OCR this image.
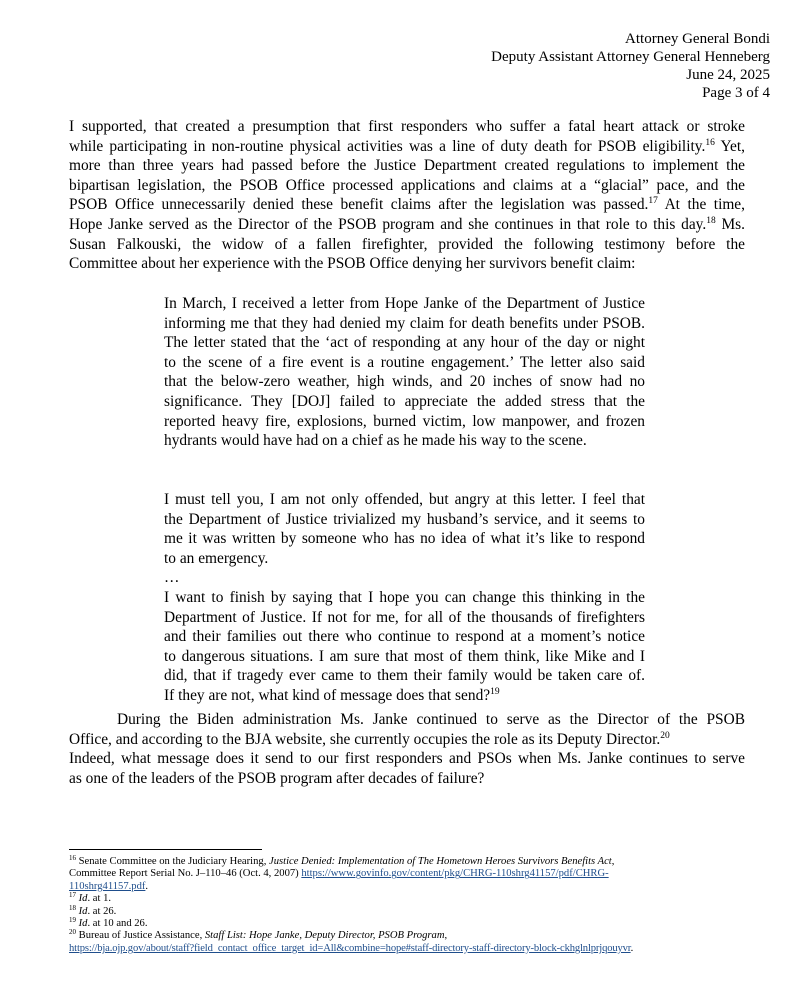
Attorney General Bondi
Deputy Assistant Attorney General Henneberg
June 24, 2025
Page 3 of 4
I supported, that created a presumption that first responders who suffer a fatal heart attack or stroke
while participating in non-routine physical activities was a line of duty death for PSOB eligibility.$^{16}$ Yet,
more than three years had passed before the Justice Department created regulations to implement the
bipartisan legislation, the PSOB Office processed applications and claims at a “glacial” pace, and the
PSOB Office unnecessarily denied these benefit claims after the legislation was passed.$^{17}$ At the time,
Hope Janke served as the Director of the PSOB program and she continues in that role to this day.$^{18}$ Ms.
Susan Falkouski, the widow of a fallen firefighter, provided the following testimony before the
Committee about her experience with the PSOB Office denying her survivors benefit claim:
In March, I received a letter from Hope Janke of the Department of Justice
informing me that they had denied my claim for death benefits under PSOB.
The letter stated that the ‘act of responding at any hour of the day or night
to the scene of a fire event is a routine engagement.’ The letter also said
that the below-zero weather, high winds, and 20 inches of snow had no
significance. They [DOJ] failed to appreciate the added stress that the
reported heavy fire, explosions, burned victim, low manpower, and frozen
hydrants would have had on a chief as he made his way to the scene.
I must tell you, I am not only offended, but angry at this letter. I feel that
the Department of Justice trivialized my husband’s service, and it seems to
me it was written by someone who has no idea of what it’s like to respond
to an emergency.
…
I want to finish by saying that I hope you can change this thinking in the
Department of Justice. If not for me, for all of the thousands of firefighters
and their families out there who continue to respond at a moment’s notice
to dangerous situations. I am sure that most of them think, like Mike and I
did, that if tragedy ever came to them their family would be taken care of.
If they are not, what kind of message does that send?$^{19}$
During the Biden administration Ms. Janke continued to serve as the Director of the PSOB
Office, and according to the BJA website, she currently occupies the role as its Deputy Director.$^{20}$
Indeed, what message does it send to our first responders and PSOs when Ms. Janke continues to serve
as one of the leaders of the PSOB program after decades of failure?
$^{16}$ Senate Committee on the Judiciary Hearing, Justice Denied: Implementation of The Hometown Heroes Survivors Benefits Act,
Committee Report Serial No. J–110–46 (Oct. 4, 2007) https://www.govinfo.gov/content/pkg/CHRG-110shrg41157/pdf/CHRG-
110shrg41157.pdf.
$^{17}$ Id. at 1.
$^{18}$ Id. at 26.
$^{19}$ Id. at 10 and 26.
$^{20}$ Bureau of Justice Assistance, Staff List: Hope Janke, Deputy Director, PSOB Program,
https://bja.ojp.gov/about/staff?field_contact_office_target_id=All&combine=hope#staff-directory-staff-directory-block-ckhglnlprjqouyvr.
